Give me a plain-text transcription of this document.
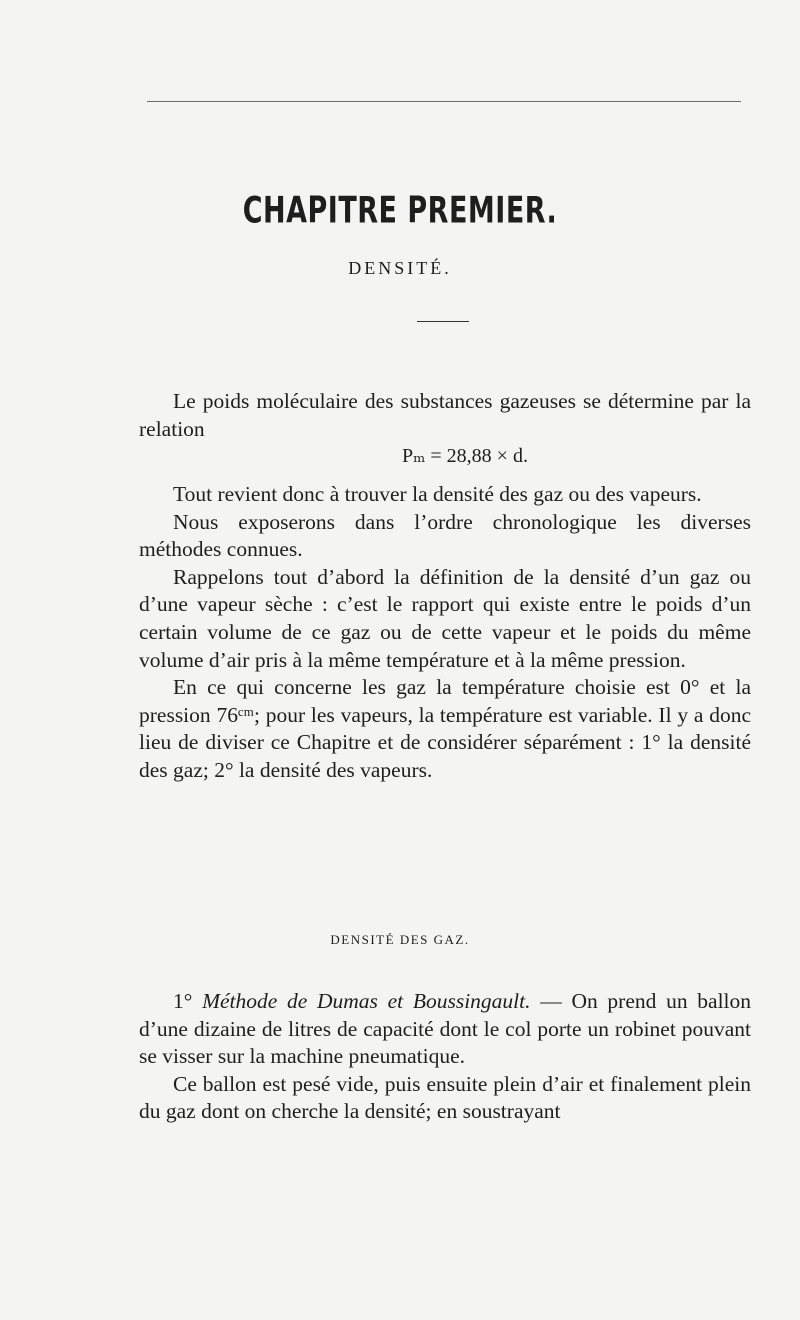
CHAPITRE PREMIER.
DENSITÉ.

Le poids moléculaire des substances gazeuses se détermine par la relation

Pₘ = 28,88 × d.

Tout revient donc à trouver la densité des gaz ou des vapeurs.

Nous exposerons dans l’ordre chronologique les diverses méthodes connues.

Rappelons tout d’abord la définition de la densité d’un gaz ou d’une vapeur sèche : c’est le rapport qui existe entre le poids d’un certain volume de ce gaz ou de cette vapeur et le poids du même volume d’air pris à la même température et à la même pression.

En ce qui concerne les gaz la température choisie est 0° et la pression 76ᶜᵐ; pour les vapeurs, la température est variable. Il y a donc lieu de diviser ce Chapitre et de considérer séparément : 1° la densité des gaz; 2° la densité des vapeurs.

DENSITÉ DES GAZ.

1° Méthode de Dumas et Boussingault. — On prend un ballon d’une dizaine de litres de capacité dont le col porte un robinet pouvant se visser sur la machine pneumatique.

Ce ballon est pesé vide, puis ensuite plein d’air et finalement plein du gaz dont on cherche la densité; en soustrayant
